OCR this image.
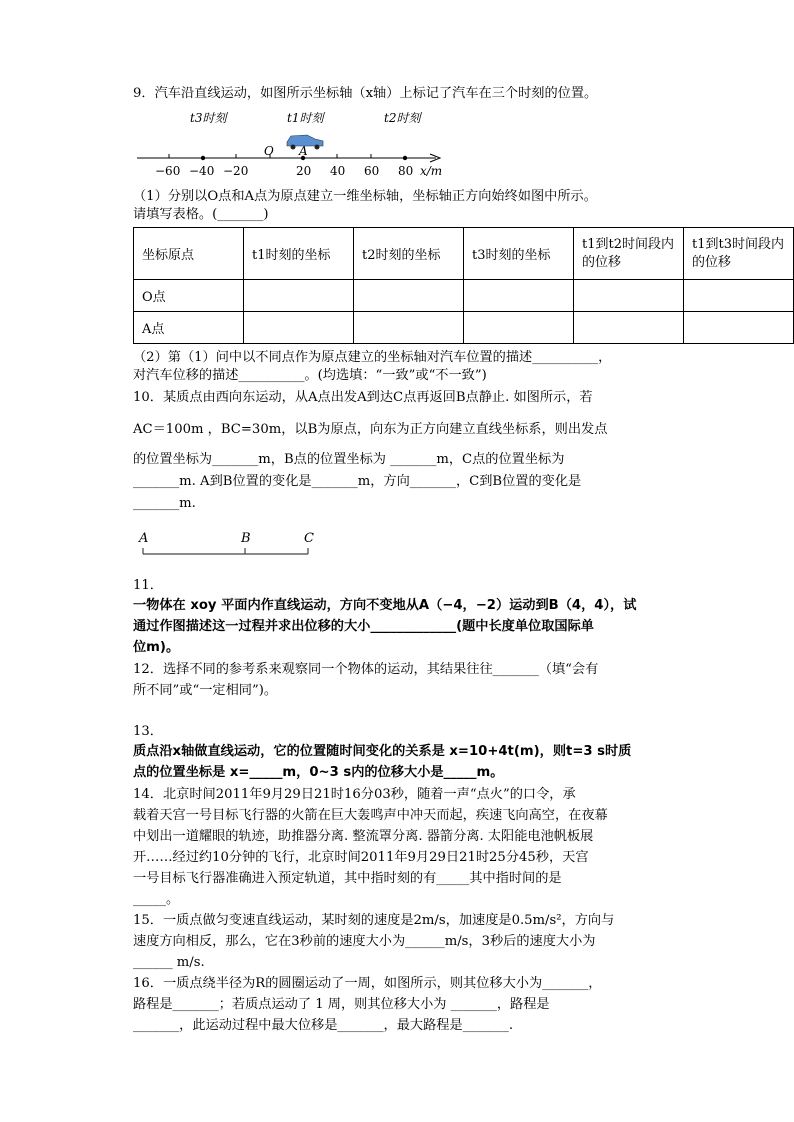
9．汽车沿直线运动，如图所示坐标轴（x轴）上标记了汽车在三个时刻的位置。
t3时刻	t1时刻	t2时刻
O A
−60 −40 −20	20 40 60 80 x/m
（1）分别以O点和A点为原点建立一维坐标轴，坐标轴正方向始终如图中所示。
请填写表格。(_______)
坐标原点	t1时刻的坐标	t2时刻的坐标	t3时刻的坐标	t1到t2时间段内的位移	t1到t3时间段内的位移
O点					
A点					
（2）第（1）问中以不同点作为原点建立的坐标轴对汽车位置的描述__________，
对汽车位移的描述__________。(均选填：“一致”或“不一致”)
10．某质点由西向东运动，从A点出发A到达C点再返回B点静止. 如图所示，若
AC＝100m ，BC=30m，以B为原点，向东为正方向建立直线坐标系，则出发点
的位置坐标为_______m，B点的位置坐标为 _______m，C点的位置坐标为
_______m. A到B位置的变化是_______m，方向_______，C到B位置的变化是
_______m.
A	B	C
11．
一物体在 xoy 平面内作直线运动，方向不变地从A（−4，−2）运动到B（4，4），试
通过作图描述这一过程并求出位移的大小_____________(题中长度单位取国际单
位m)。
12．选择不同的参考系来观察同一个物体的运动，其结果往往_______（填“会有
所不同”或“一定相同”)。
13．
质点沿x轴做直线运动，它的位置随时间变化的关系是 x=10+4t(m)，则t=3 s时质
点的位置坐标是 x=_____m，0~3 s内的位移大小是_____m。
14．北京时间2011年9月29日21时16分03秒，随着一声“点火”的口令，承
载着天宫一号目标飞行器的火箭在巨大轰鸣声中冲天而起，疾速飞向高空，在夜幕
中划出一道耀眼的轨迹，助推器分离. 整流罩分离. 器箭分离. 太阳能电池帆板展
开……经过约10分钟的飞行，北京时间2011年9月29日21时25分45秒，天宫
一号目标飞行器准确进入预定轨道，其中指时刻的有_____其中指时间的是
_____。
15．一质点做匀变速直线运动，某时刻的速度是2m/s，加速度是0.5m/s²，方向与
速度方向相反，那么，它在3秒前的速度大小为______m/s，3秒后的速度大小为
______ m/s.
16．一质点绕半径为R的圆圈运动了一周，如图所示，则其位移大小为_______，
路程是_______；若质点运动了 1 周，则其位移大小为 _______，路程是
_______，此运动过程中最大位移是_______，最大路程是_______.
